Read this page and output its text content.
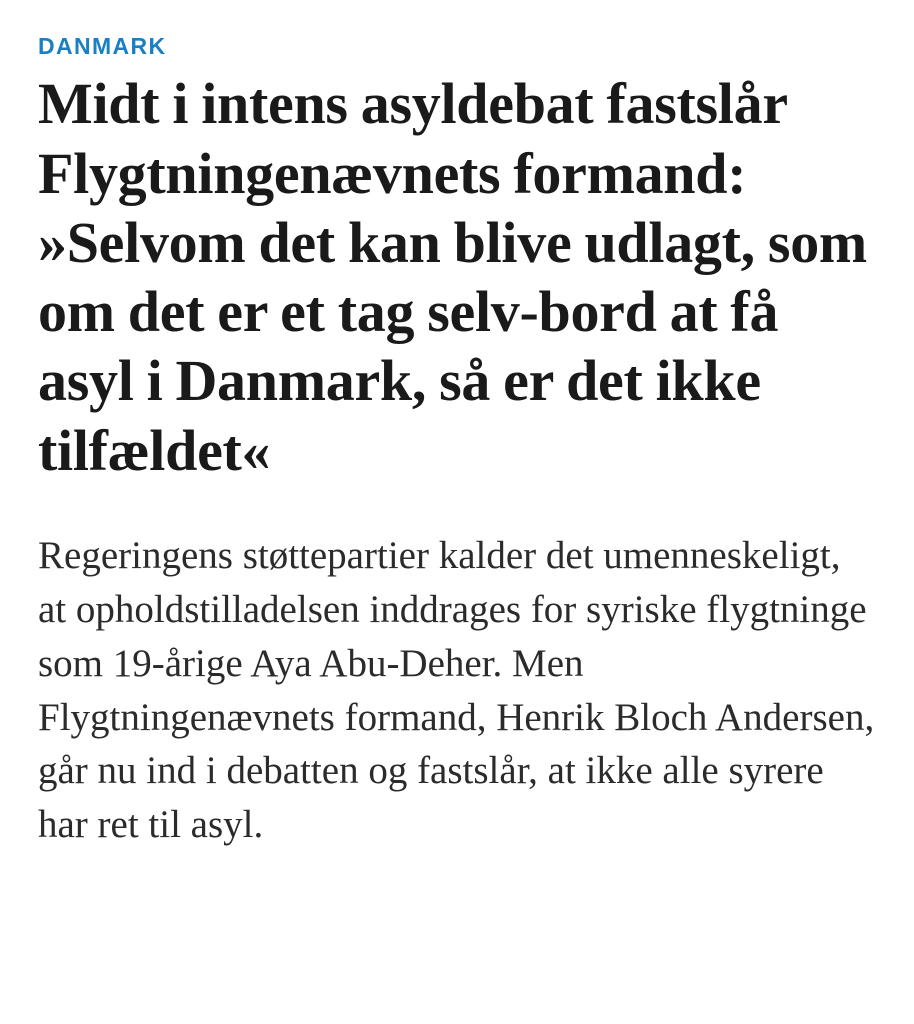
DANMARK
Midt i intens asyldebat fastslår Flygtningenævnets formand: »Selvom det kan blive udlagt, som om det er et tag selv-bord at få asyl i Danmark, så er det ikke tilfældet«

Regeringens støttepartier kalder det umenneskeligt, at opholdstilladelsen inddrages for syriske flygtninge som 19-årige Aya Abu-Deher. Men Flygtningenævnets formand, Henrik Bloch Andersen, går nu ind i debatten og fastslår, at ikke alle syrere har ret til asyl.
